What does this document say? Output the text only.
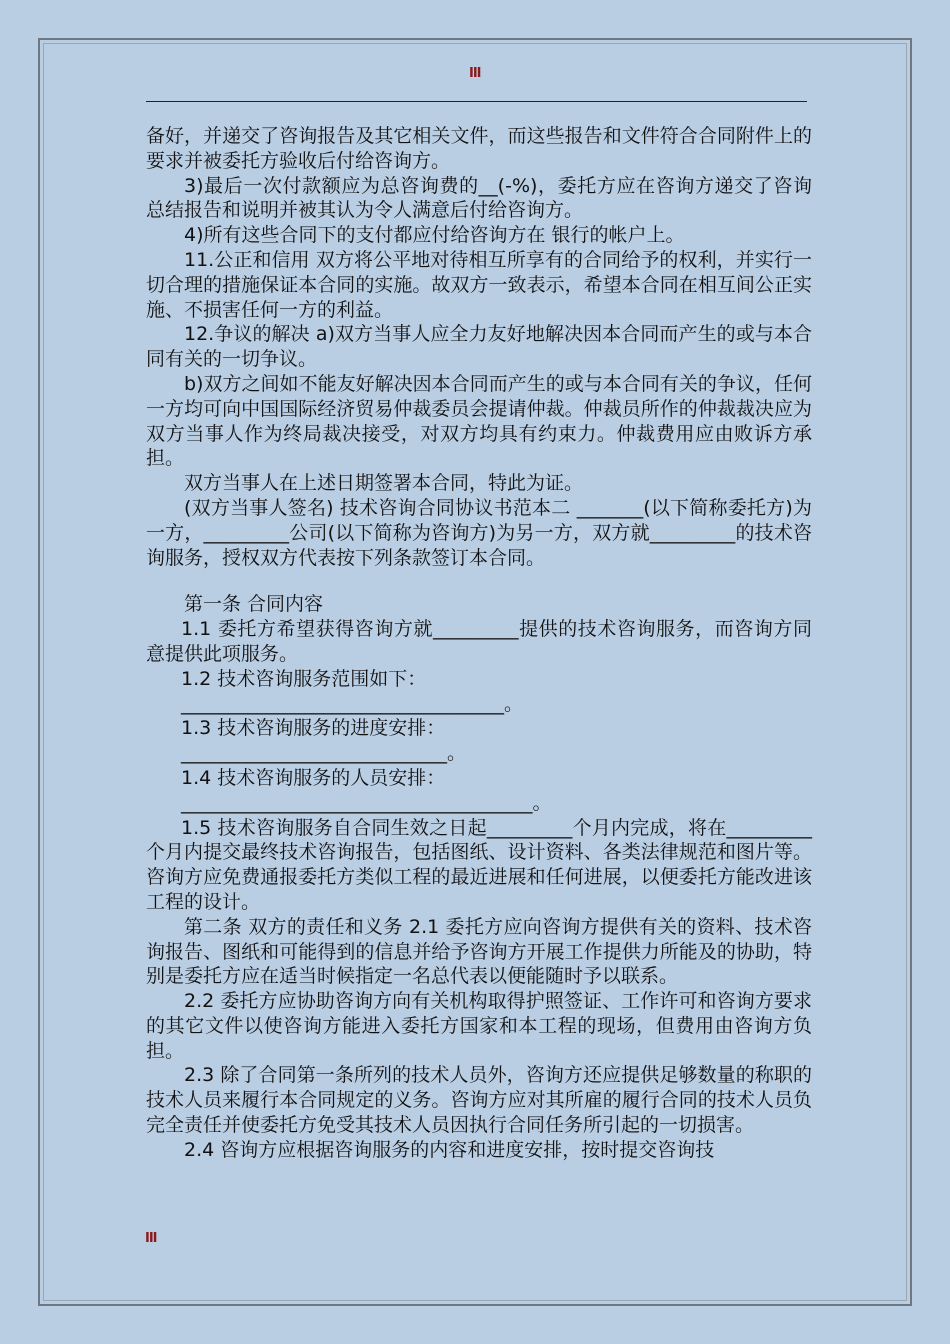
III

备好，并递交了咨询报告及其它相关文件，而这些报告和文件符合合同附件上的要求并被委托方验收后付给咨询方。

3)最后一次付款额应为总咨询费的__(-%)，委托方应在咨询方递交了咨询总结报告和说明并被其认为令人满意后付给咨询方。

4)所有这些合同下的支付都应付给咨询方在 银行的帐户上。

11.公正和信用 双方将公平地对待相互所享有的合同给予的权利，并实行一切合理的措施保证本合同的实施。故双方一致表示，希望本合同在相互间公正实施、不损害任何一方的利益。

12.争议的解决 a)双方当事人应全力友好地解决因本合同而产生的或与本合同有关的一切争议。

b)双方之间如不能友好解决因本合同而产生的或与本合同有关的争议，任何一方均可向中国国际经济贸易仲裁委员会提请仲裁。仲裁员所作的仲裁裁决应为双方当事人作为终局裁决接受，对双方均具有约束力。仲裁费用应由败诉方承担。

双方当事人在上述日期签署本合同，特此为证。

(双方当事人签名) 技术咨询合同协议书范本二 _______(以下简称委托方)为一方，_________公司(以下简称为咨询方)为另一方，双方就_________的技术咨询服务，授权双方代表按下列条款签订本合同。

第一条 合同内容

1.1 委托方希望获得咨询方就_________提供的技术咨询服务，而咨询方同意提供此项服务。

1.2 技术咨询服务范围如下：

__________________________________。

1.3 技术咨询服务的进度安排：

____________________________。

1.4 技术咨询服务的人员安排：

_____________________________________。

1.5 技术咨询服务自合同生效之日起_________个月内完成，将在_________个月内提交最终技术咨询报告，包括图纸、设计资料、各类法律规范和图片等。咨询方应免费通报委托方类似工程的最近进展和任何进展，以便委托方能改进该工程的设计。

第二条 双方的责任和义务 2.1 委托方应向咨询方提供有关的资料、技术咨询报告、图纸和可能得到的信息并给予咨询方开展工作提供力所能及的协助，特别是委托方应在适当时候指定一名总代表以便能随时予以联系。

2.2 委托方应协助咨询方向有关机构取得护照签证、工作许可和咨询方要求的其它文件以使咨询方能进入委托方国家和本工程的现场，但费用由咨询方负担。

2.3 除了合同第一条所列的技术人员外，咨询方还应提供足够数量的称职的技术人员来履行本合同规定的义务。咨询方应对其所雇的履行合同的技术人员负完全责任并使委托方免受其技术人员因执行合同任务所引起的一切损害。

2.4 咨询方应根据咨询服务的内容和进度安排，按时提交咨询技

III
